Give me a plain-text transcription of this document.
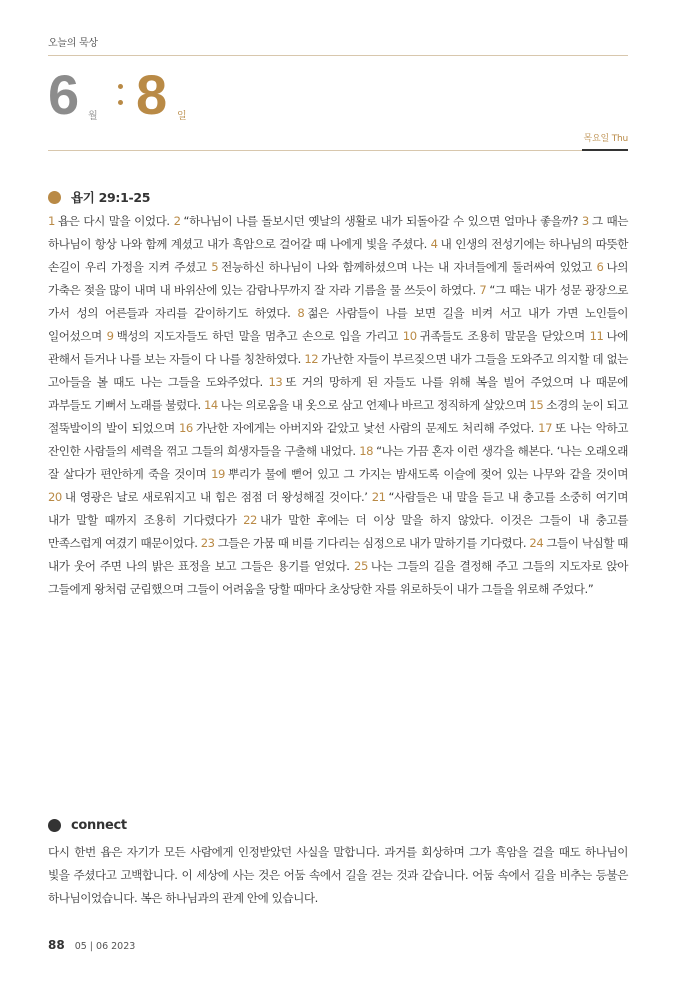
오늘의 묵상
6 월 8 일
목요일 Thu
욥기 29:1-25
1 욥은 다시 말을 이었다. 2 “하나님이 나를 돌보시던 옛날의 생활로 내가 되돌아갈 수 있으면 얼마나 좋을까? 3 그 때는 하나님이 항상 나와 함께 계셨고 내가 흑암으로 걸어갈 때 나에게 빛을 주셨다. 4 내 인생의 전성기에는 하나님의 따뜻한 손길이 우리 가정을 지켜 주셨고 5 전능하신 하나님이 나와 함께하셨으며 나는 내 자녀들에게 둘러싸여 있었고 6 나의 가축은 젖을 많이 내며 내 바위산에 있는 감람나무까지 잘 자라 기름을 물 쓰듯이 하였다. 7 “그 때는 내가 성문 광장으로 가서 성의 어른들과 자리를 같이하기도 하였다. 8 젊은 사람들이 나를 보면 길을 비켜 서고 내가 가면 노인들이 일어섰으며 9 백성의 지도자들도 하던 말을 멈추고 손으로 입을 가리고 10 귀족들도 조용히 말문을 닫았으며 11 나에 관해서 듣거나 나를 보는 자들이 다 나를 칭찬하였다. 12 가난한 자들이 부르짖으면 내가 그들을 도와주고 의지할 데 없는 고아들을 볼 때도 나는 그들을 도와주었다. 13 또 거의 망하게 된 자들도 나를 위해 복을 빌어 주었으며 나 때문에 과부들도 기뻐서 노래를 불렀다. 14 나는 의로움을 내 옷으로 삼고 언제나 바르고 정직하게 살았으며 15 소경의 눈이 되고 절뚝발이의 발이 되었으며 16 가난한 자에게는 아버지와 같았고 낯선 사람의 문제도 처리해 주었다. 17 또 나는 악하고 잔인한 사람들의 세력을 꺾고 그들의 희생자들을 구출해 내었다. 18 “나는 가끔 혼자 이런 생각을 해본다. ‘나는 오래오래 잘 살다가 편안하게 죽을 것이며 19 뿌리가 물에 뻗어 있고 그 가지는 밤새도록 이슬에 젖어 있는 나무와 같을 것이며 20 내 영광은 날로 새로워지고 내 힘은 점점 더 왕성해질 것이다.’ 21 “사람들은 내 말을 듣고 내 충고를 소중히 여기며 내가 말할 때까지 조용히 기다렸다가 22 내가 말한 후에는 더 이상 말을 하지 않았다. 이것은 그들이 내 충고를 만족스럽게 여겼기 때문이었다. 23 그들은 가뭄 때 비를 기다리는 심정으로 내가 말하기를 기다렸다. 24 그들이 낙심할 때 내가 웃어 주면 나의 밝은 표정을 보고 그들은 용기를 얻었다. 25 나는 그들의 길을 결정해 주고 그들의 지도자로 앉아 그들에게 왕처럼 군림했으며 그들이 어려움을 당할 때마다 초상당한 자를 위로하듯이 내가 그들을 위로해 주었다.”
connect
다시 한번 욥은 자기가 모든 사람에게 인정받았던 사실을 말합니다. 과거를 회상하며 그가 흑암을 걸을 때도 하나님이 빛을 주셨다고 고백합니다. 이 세상에 사는 것은 어둠 속에서 길을 걷는 것과 같습니다. 어둠 속에서 길을 비추는 등불은 하나님이었습니다. 복은 하나님과의 관계 안에 있습니다.
88 05 | 06 2023
